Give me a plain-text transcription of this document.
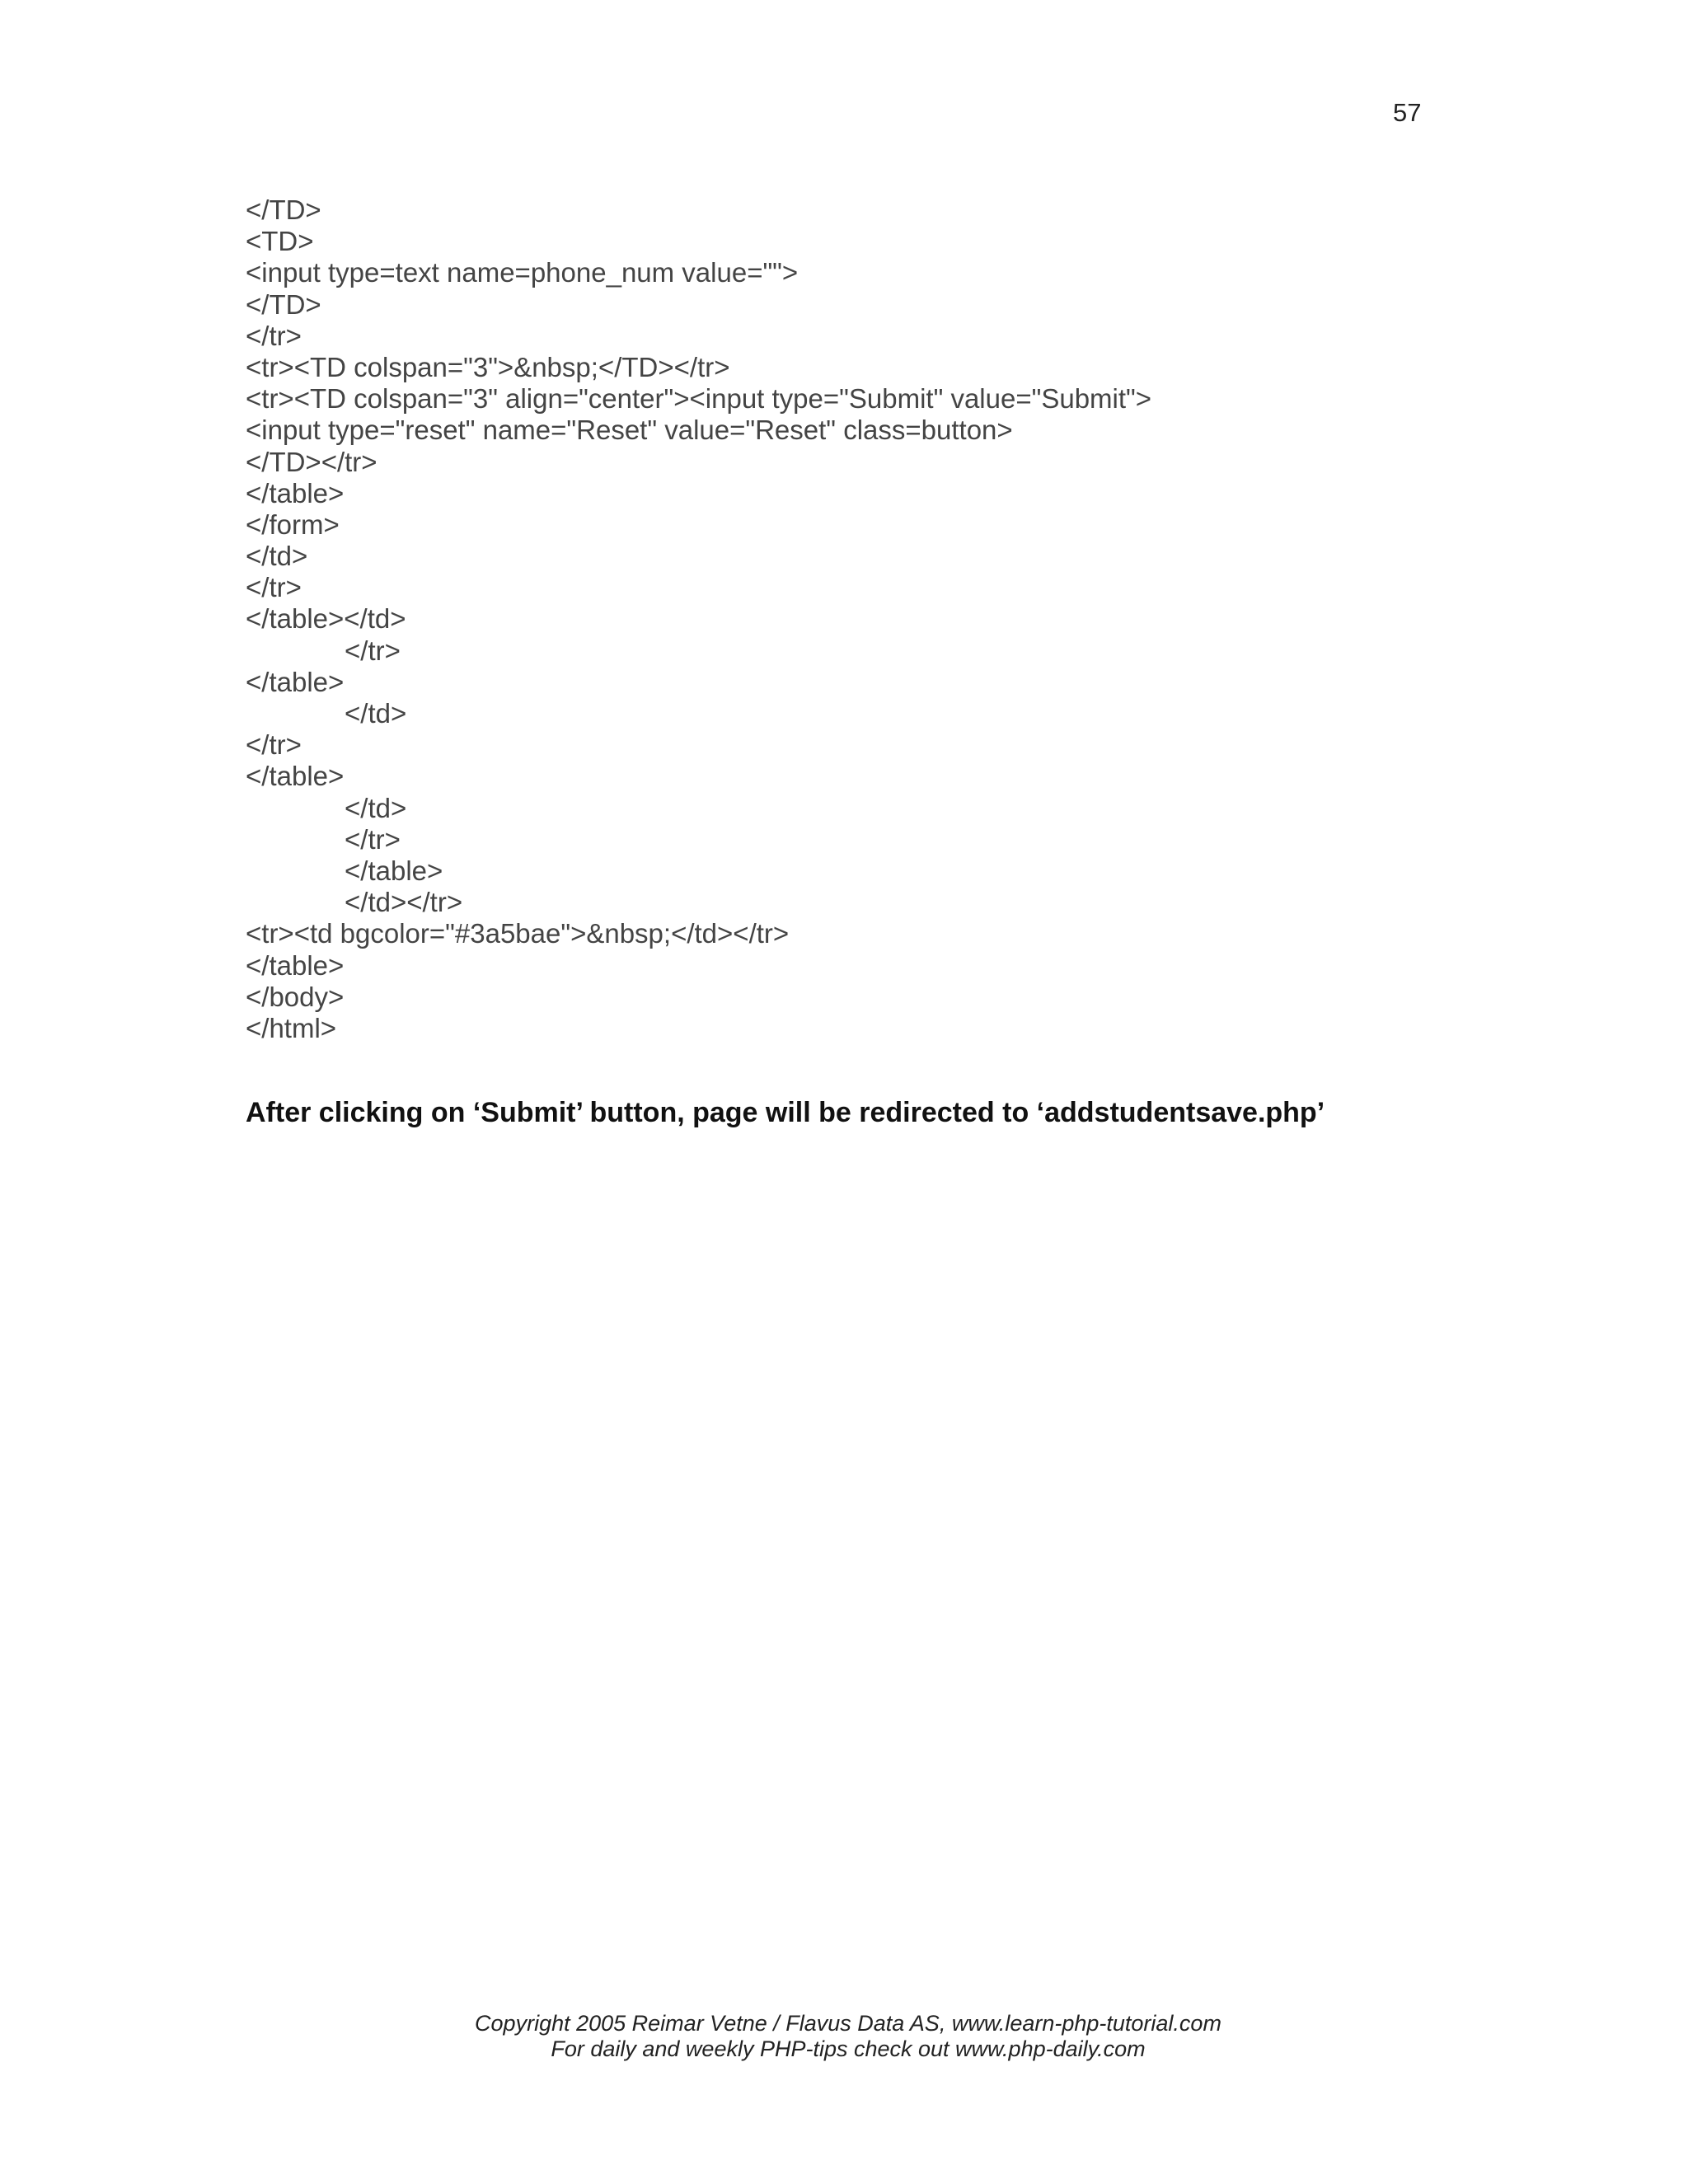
57
</TD>
<TD>
<input type=text name=phone_num value="">
</TD>
</tr>
<tr><TD colspan="3">&nbsp;</TD></tr>
<tr><TD colspan="3" align="center"><input type="Submit" value="Submit">
<input type="reset" name="Reset" value="Reset" class=button>
</TD></tr>
</table>
</form>
</td>
</tr>
</table></td>
</tr>
</table>
</td>
</tr>
</table>
</td>
</tr>
</table>
</td></tr>
<tr><td bgcolor="#3a5bae">&nbsp;</td></tr>
</table>
</body>
</html>
After clicking on ‘Submit’ button, page will be redirected to ‘addstudentsave.php’
Copyright 2005 Reimar Vetne / Flavus Data AS, www.learn-php-tutorial.com
For daily and weekly PHP-tips check out www.php-daily.com
